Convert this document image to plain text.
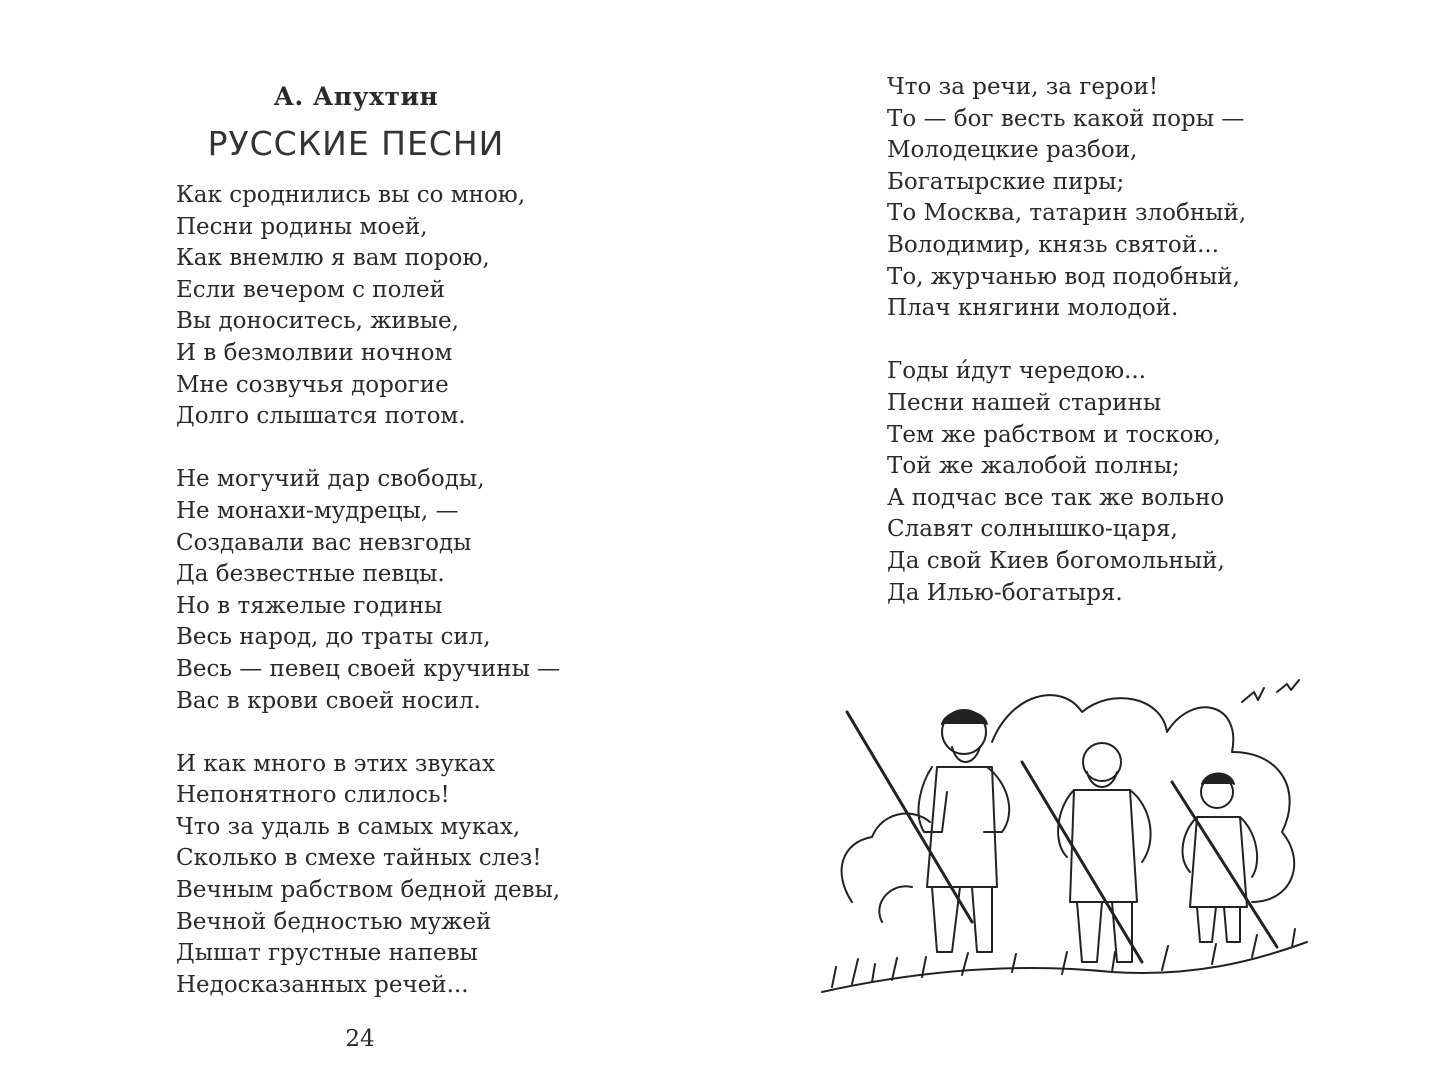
А. Апухтин
РУССКИЕ ПЕСНИ
Как сроднились вы со мною,
Песни родины моей,
Как внемлю я вам порою,
Если вечером с полей
Вы доноситесь, живые,
И в безмолвии ночном
Мне созвучья дорогие
Долго слышатся потом.
Не могучий дар свободы,
Не монахи-мудрецы, —
Создавали вас невзгоды
Да безвестные певцы.
Но в тяжелые годины
Весь народ, до траты сил,
Весь — певец своей кручины —
Вас в крови своей носил.
И как много в этих звуках
Непонятного слилось!
Что за удаль в самых муках,
Сколько в смехе тайных слез!
Вечным рабством бедной девы,
Вечной бедностью мужей
Дышат грустные напевы
Недосказанных речей...
Что за речи, за герои!
То — бог весть какой поры —
Молодецкие разбои,
Богатырские пиры;
То Москва, татарин злобный,
Володимир, князь святой...
То, журчанью вод подобный,
Плач княгини молодой.
Годы и́дут чередою...
Песни нашей старины
Тем же рабством и тоскою,
Той же жалобой полны;
А подчас все так же вольно
Славят солнышко-царя,
Да свой Киев богомольный,
Да Илью-богатыря.
24
